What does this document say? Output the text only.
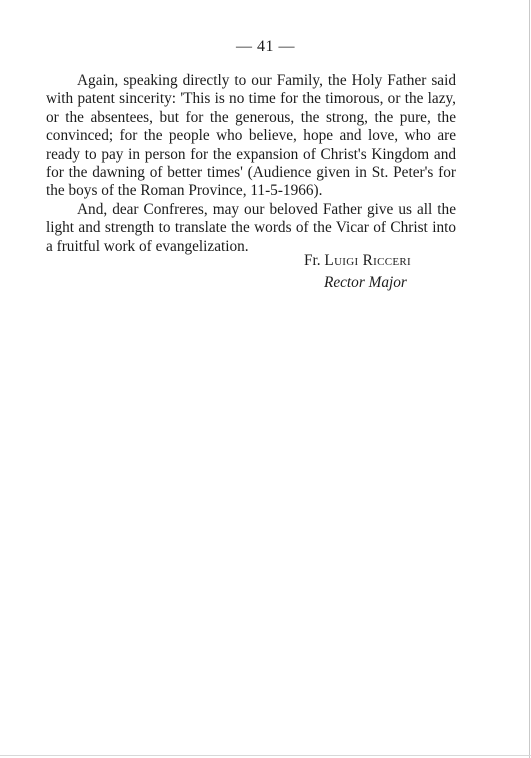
— 41 —

Again, speaking directly to our Family, the Holy Father said with patent sincerity: 'This is no time for the timorous, or the lazy, or the absentees, but for the generous, the strong, the pure, the convinced; for the people who believe, hope and love, who are ready to pay in person for the expansion of Christ's Kingdom and for the dawning of better times' (Audience given in St. Peter's for the boys of the Roman Province, 11-5-1966).

And, dear Confreres, may our beloved Father give us all the light and strength to translate the words of the Vicar of Christ into a fruitful work of evangelization.

Fr. Luigi Ricceri
Rector Major
